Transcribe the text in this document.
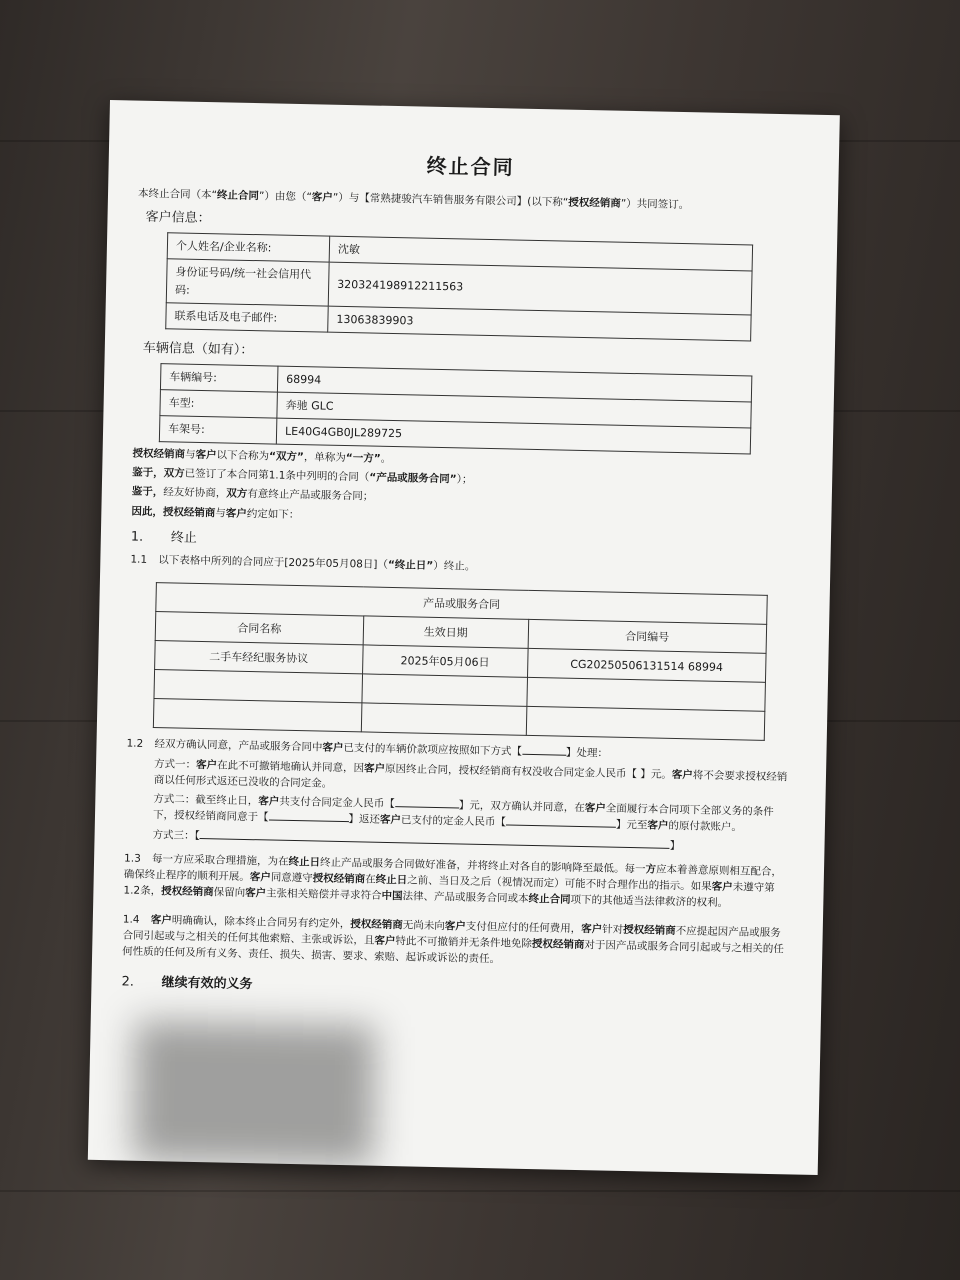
终止合同
本终止合同（本“终止合同”）由您（“客户”）与【常熟捷骏汽车销售服务有限公司】(以下称“授权经销商”）共同签订。
客户信息：
个人姓名/企业名称:	沈敏
身份证号码/统一社会信用代码:	320324198912211563
联系电话及电子邮件:	13063839903
车辆信息（如有）：
车辆编号:	68994
车型:	奔驰 GLC
车架号:	LE40G4GB0JL289725
授权经销商与客户以下合称为“双方”，单称为“一方”。
鉴于，双方已签订了本合同第1.1条中列明的合同（“产品或服务合同”）；
鉴于，经友好协商，双方有意终止产品或服务合同；
因此，授权经销商与客户约定如下：
1. 终止
1.1 以下表格中所列的合同应于[2025年05月08日]（“终止日”）终止。
产品或服务合同		
合同名称	生效日期	合同编号
二手车经纪服务协议	2025年05月06日	CG20250506131514 68994

1.2 经双方确认同意，产品或服务合同中客户已支付的车辆价款项应按照如下方式【	】处理：
方式一：客户在此不可撤销地确认并同意，因客户原因终止合同，授权经销商有权没收合同定金人民币【 】元。客户将不会要求授权经销商以任何形式返还已没收的合同定金。
方式二：截至终止日，客户共支付合同定金人民币【	】元，双方确认并同意，在客户全面履行本合同项下全部义务的条件下，授权经销商同意于【	】返还客户已支付的定金人民币【	】元至客户的原付款账户。
方式三：【】
1.3 每一方应采取合理措施，为在终止日终止产品或服务合同做好准备，并将终止对各自的影响降至最低。每一方应本着善意原则相互配合，确保终止程序的顺利开展。客户同意遵守授权经销商在终止日之前、当日及之后（视情况而定）可能不时合理作出的指示。如果客户未遵守第1.2条，授权经销商保留向客户主张相关赔偿并寻求符合中国法律、产品或服务合同或本终止合同项下的其他适当法律救济的权利。
1.4 客户明确确认，除本终止合同另有约定外，授权经销商无尚未向客户支付但应付的任何费用，客户针对授权经销商不应提起因产品或服务合同引起或与之相关的任何其他索赔、主张或诉讼，且客户特此不可撤销并无条件地免除授权经销商对于因产品或服务合同引起或与之相关的任何性质的任何及所有义务、责任、损失、损害、要求、索赔、起诉或诉讼的责任。
2. 继续有效的义务
